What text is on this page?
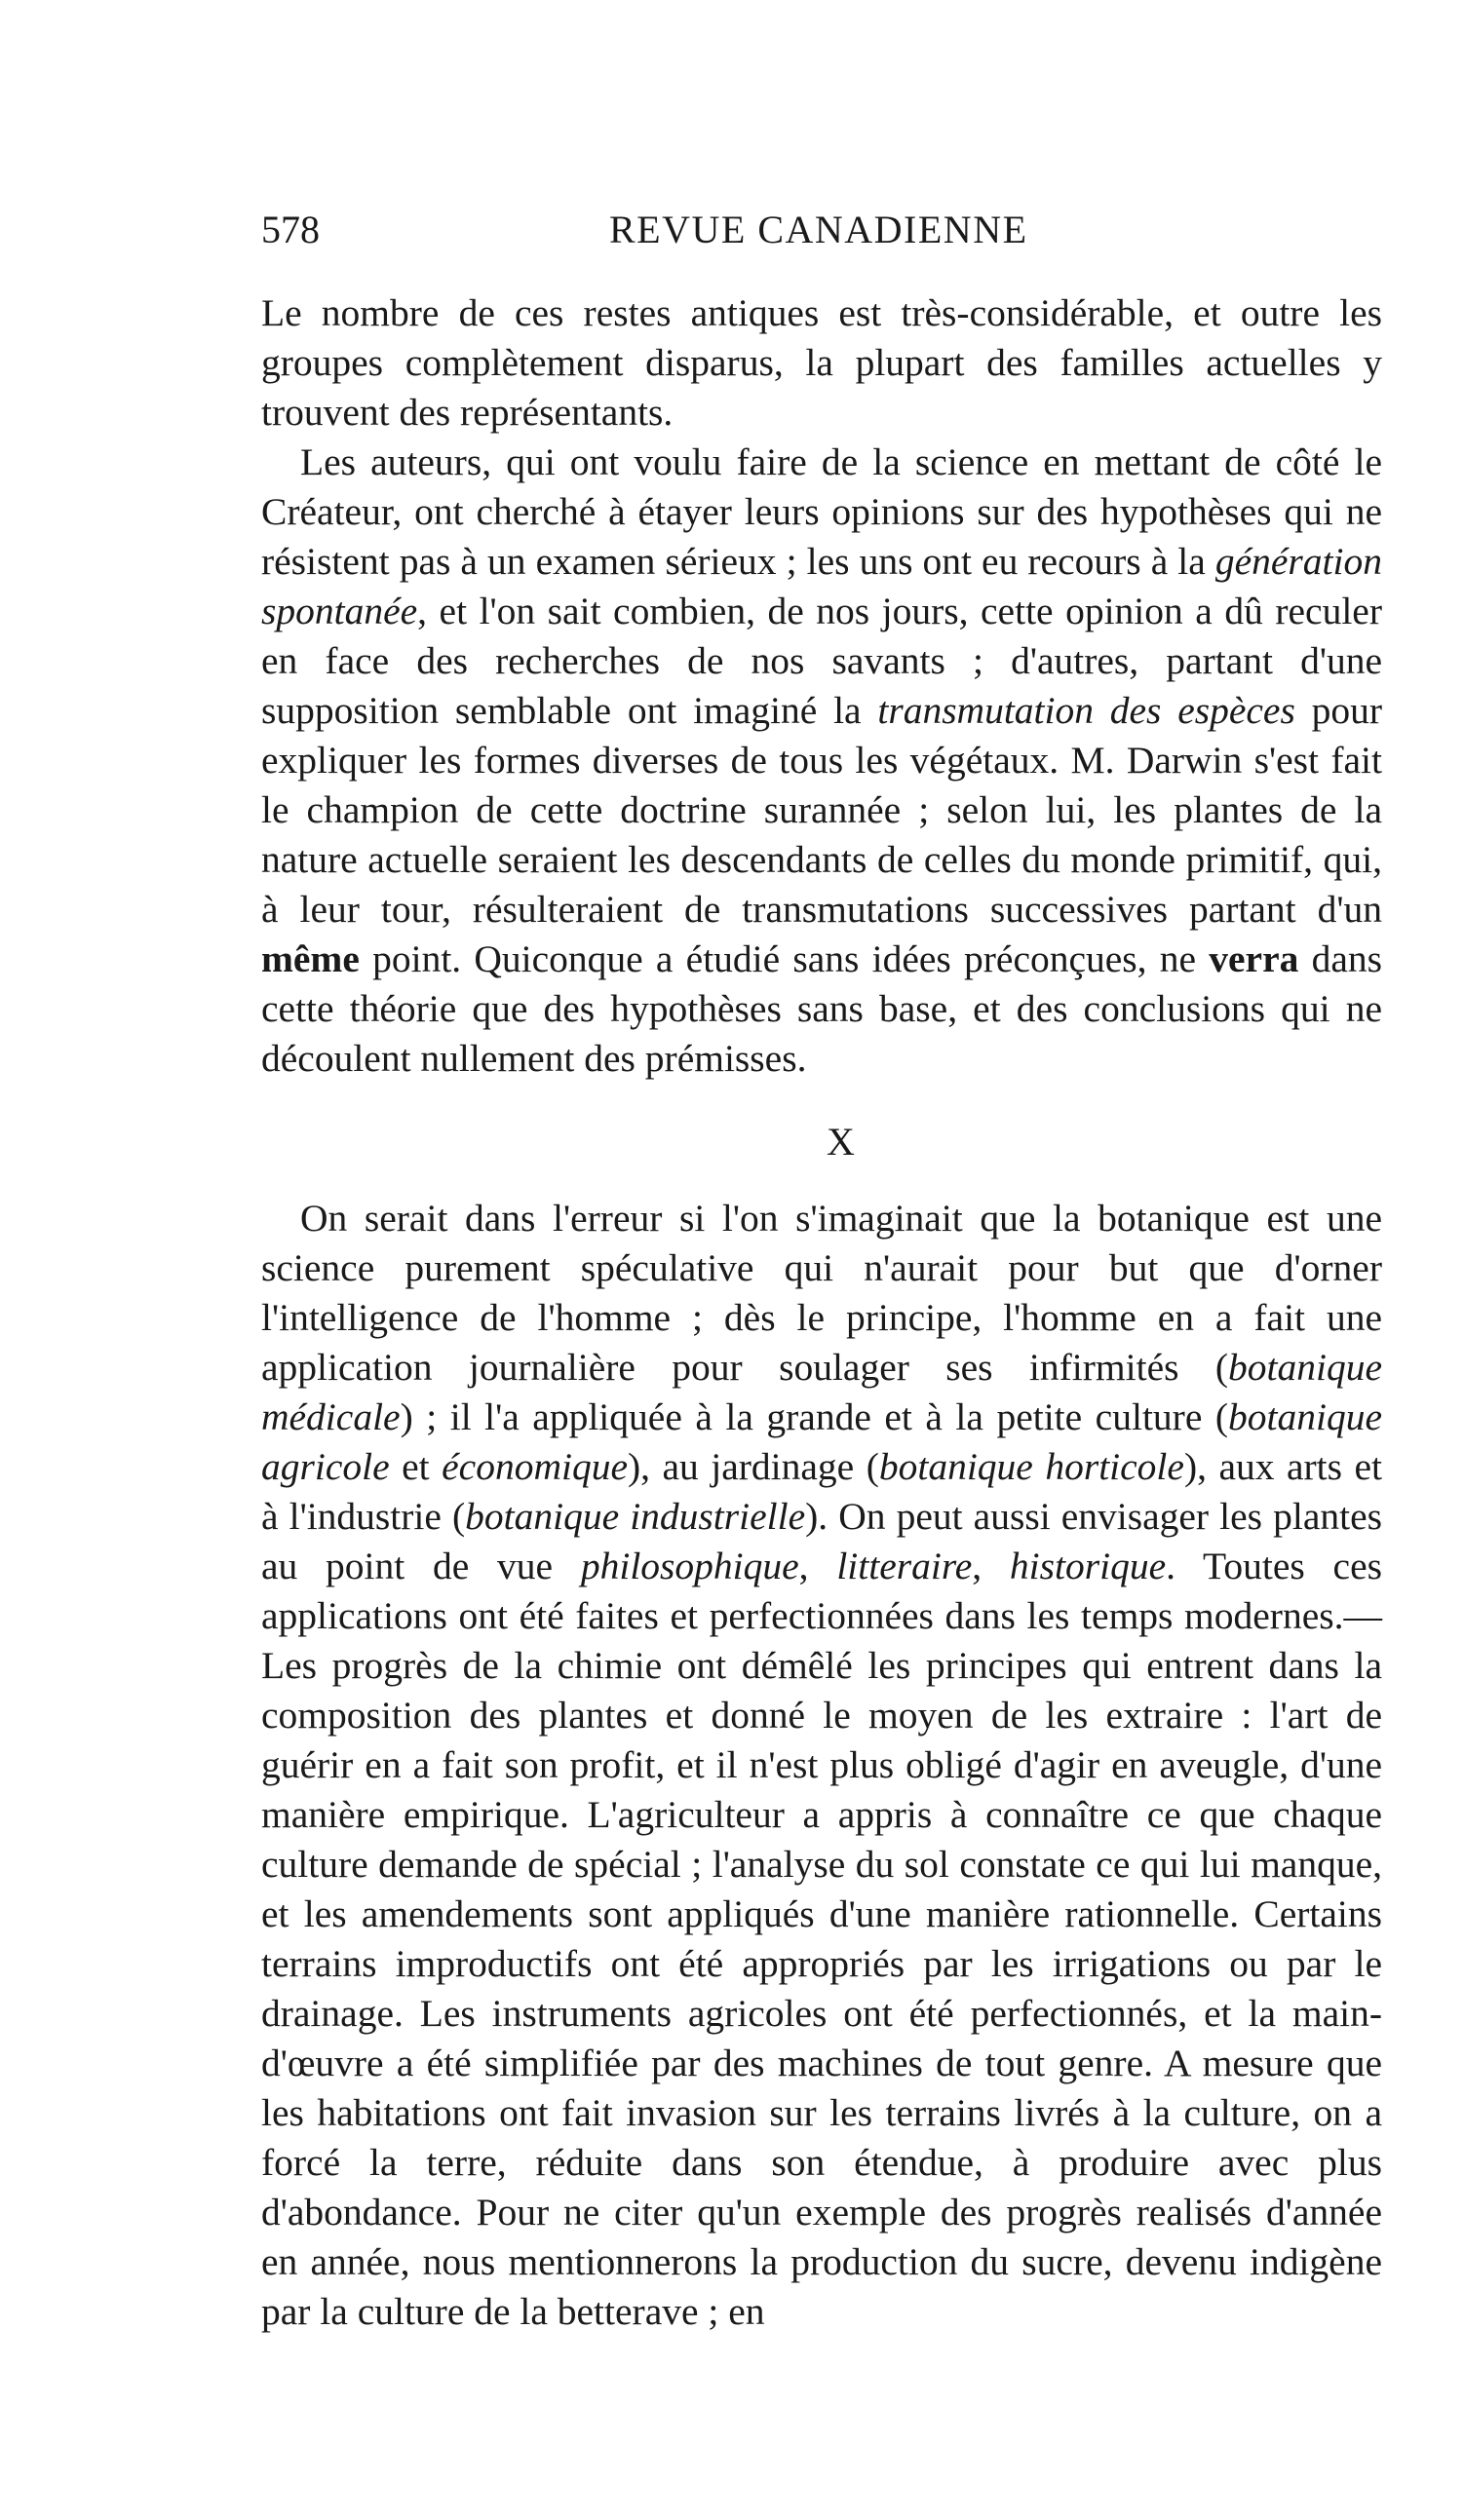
578	REVUE CANADIENNE

Le nombre de ces restes antiques est très-considérable, et outre les groupes complètement disparus, la plupart des familles actuelles y trouvent des représentants.

Les auteurs, qui ont voulu faire de la science en mettant de côté le Créateur, ont cherché à étayer leurs opinions sur des hypothèses qui ne résistent pas à un examen sérieux ; les uns ont eu recours à la génération spontanée, et l'on sait combien, de nos jours, cette opinion a dû reculer en face des recherches de nos savants ; d'autres, partant d'une supposition semblable ont imaginé la transmutation des espèces pour expliquer les formes diverses de tous les végétaux. M. Darwin s'est fait le champion de cette doctrine surannée ; selon lui, les plantes de la nature actuelle seraient les descendants de celles du monde primitif, qui, à leur tour, résulteraient de transmutations successives partant d'un même point. Quiconque a étudié sans idées préconçues, ne verra dans cette théorie que des hypothèses sans base, et des conclusions qui ne découlent nullement des prémisses.

X

On serait dans l'erreur si l'on s'imaginait que la botanique est une science purement spéculative qui n'aurait pour but que d'orner l'intelligence de l'homme ; dès le principe, l'homme en a fait une application journalière pour soulager ses infirmités (botanique médicale) ; il l'a appliquée à la grande et à la petite culture (botanique agricole et économique), au jardinage (botanique horticole), aux arts et à l'industrie (botanique industrielle). On peut aussi envisager les plantes au point de vue philosophique, litteraire, historique. Toutes ces applications ont été faites et perfectionnées dans les temps modernes.—Les progrès de la chimie ont démêlé les principes qui entrent dans la composition des plantes et donné le moyen de les extraire : l'art de guérir en a fait son profit, et il n'est plus obligé d'agir en aveugle, d'une manière empirique. L'agriculteur a appris à connaître ce que chaque culture demande de spécial ; l'analyse du sol constate ce qui lui manque, et les amendements sont appliqués d'une manière rationnelle. Certains terrains improductifs ont été appropriés par les irrigations ou par le drainage. Les instruments agricoles ont été perfectionnés, et la main-d'œuvre a été simplifiée par des machines de tout genre. A mesure que les habitations ont fait invasion sur les terrains livrés à la culture, on a forcé la terre, réduite dans son étendue, à produire avec plus d'abondance. Pour ne citer qu'un exemple des progrès realisés d'année en année, nous mentionnerons la production du sucre, devenu indigène par la culture de la betterave ; en
